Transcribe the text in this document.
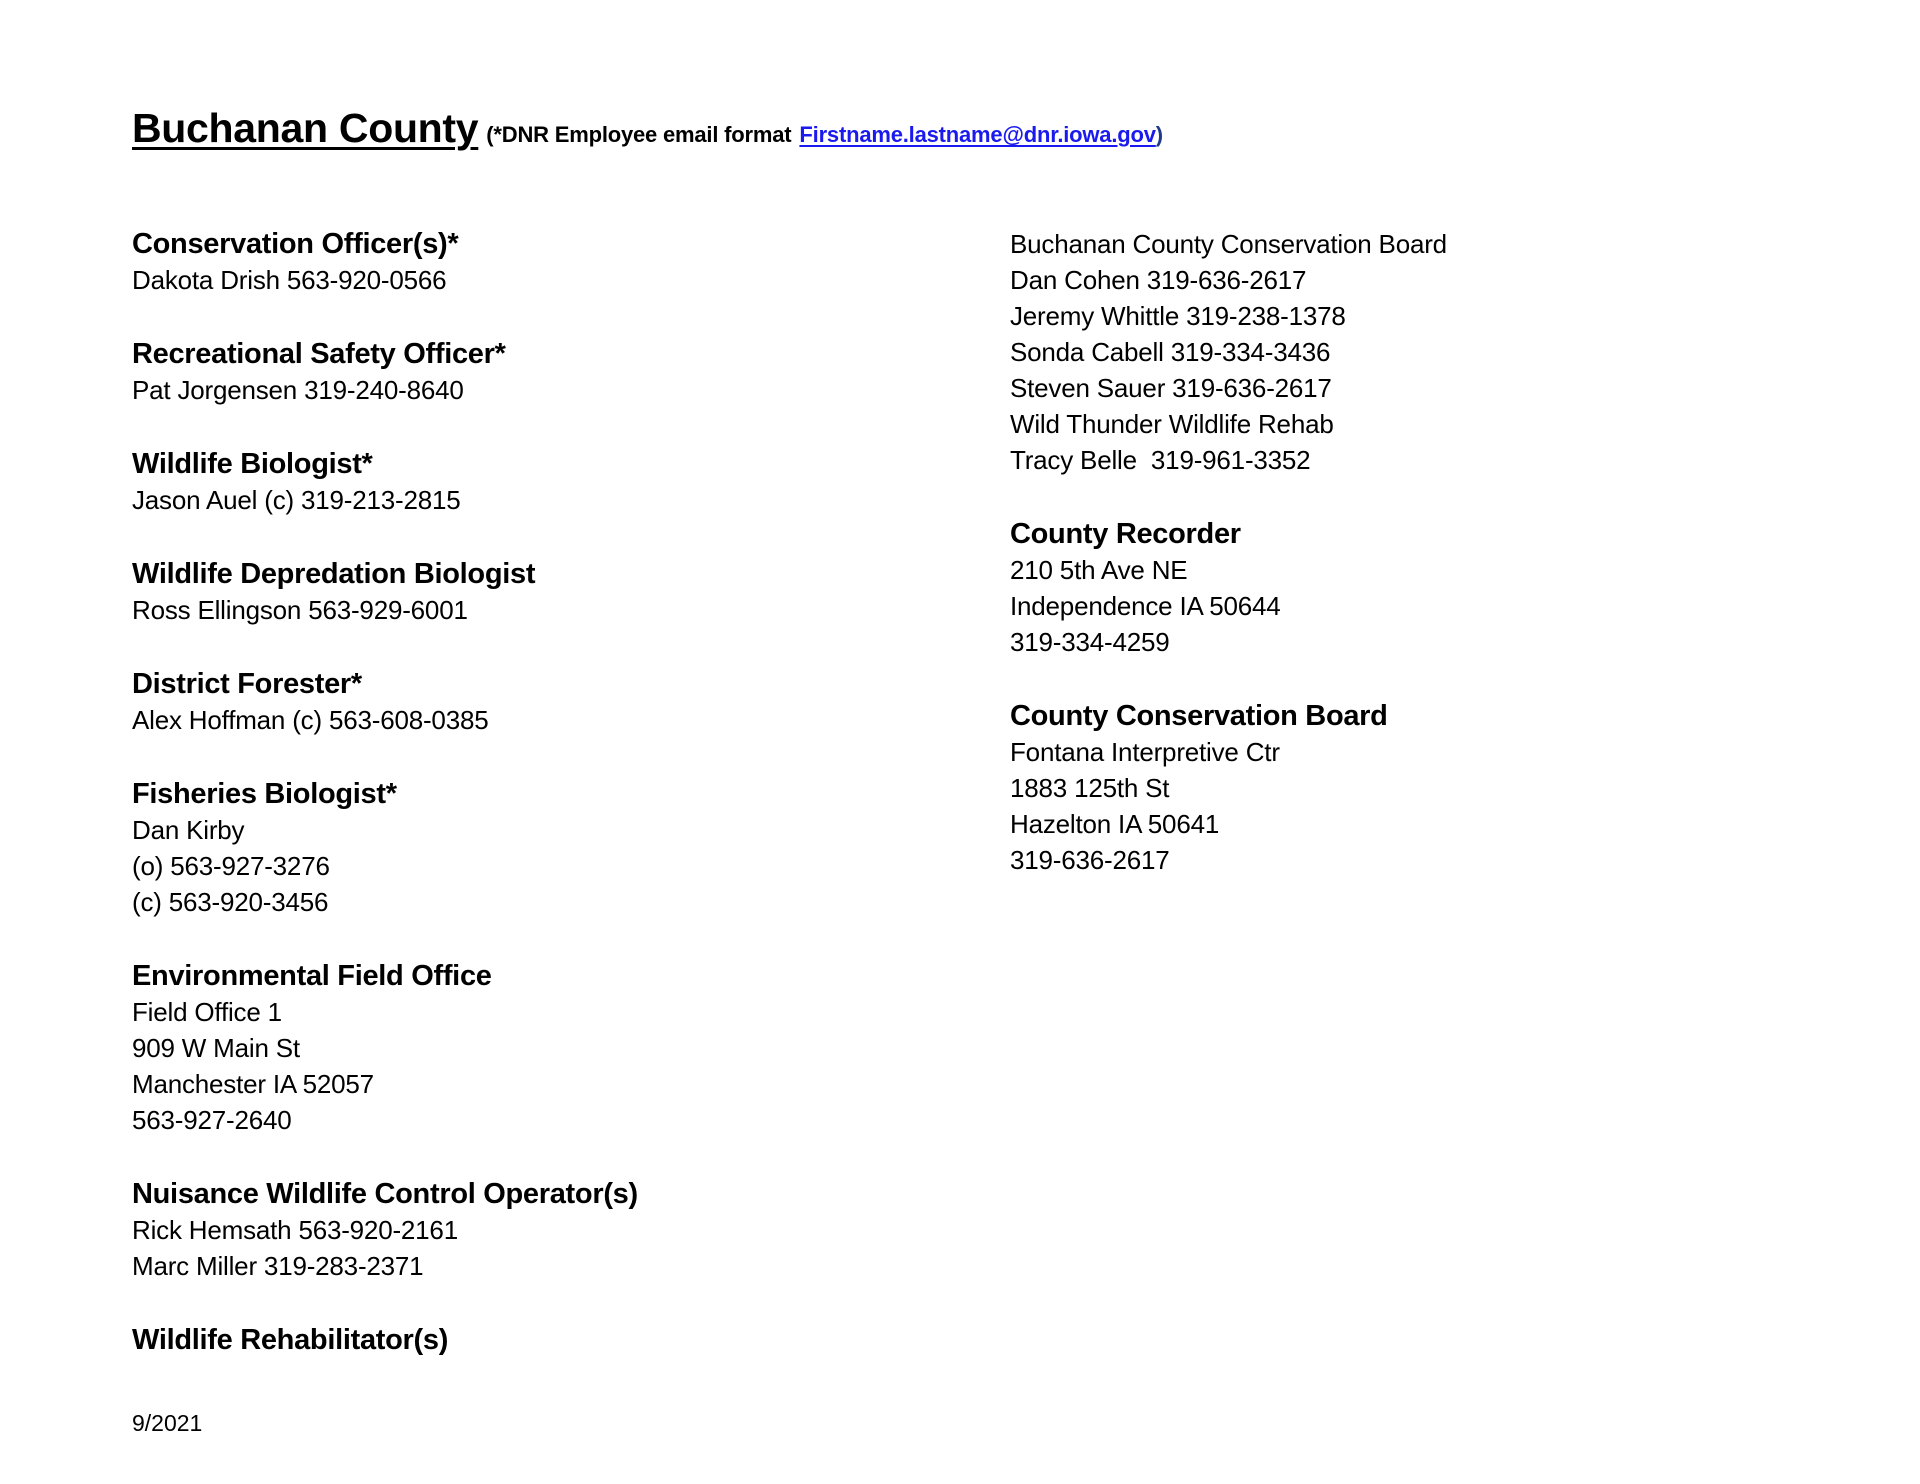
Buchanan County (*DNR Employee email format Firstname.lastname@dnr.iowa.gov)
Conservation Officer(s)*
Dakota Drish 563-920-0566
Recreational Safety Officer*
Pat Jorgensen 319-240-8640
Wildlife Biologist*
Jason Auel (c) 319-213-2815
Wildlife Depredation Biologist
Ross Ellingson 563-929-6001
District Forester*
Alex Hoffman (c) 563-608-0385
Fisheries Biologist*
Dan Kirby
(o) 563-927-3276
(c) 563-920-3456
Environmental Field Office
Field Office 1
909 W Main St
Manchester IA 52057
563-927-2640
Nuisance Wildlife Control Operator(s)
Rick Hemsath 563-920-2161
Marc Miller 319-283-2371
Wildlife Rehabilitator(s)
Buchanan County Conservation Board
Dan Cohen 319-636-2617
Jeremy Whittle 319-238-1378
Sonda Cabell 319-334-3436
Steven Sauer 319-636-2617
Wild Thunder Wildlife Rehab
Tracy Belle  319-961-3352
County Recorder
210 5th Ave NE
Independence IA 50644
319-334-4259
County Conservation Board
Fontana Interpretive Ctr
1883 125th St
Hazelton IA 50641
319-636-2617
9/2021
